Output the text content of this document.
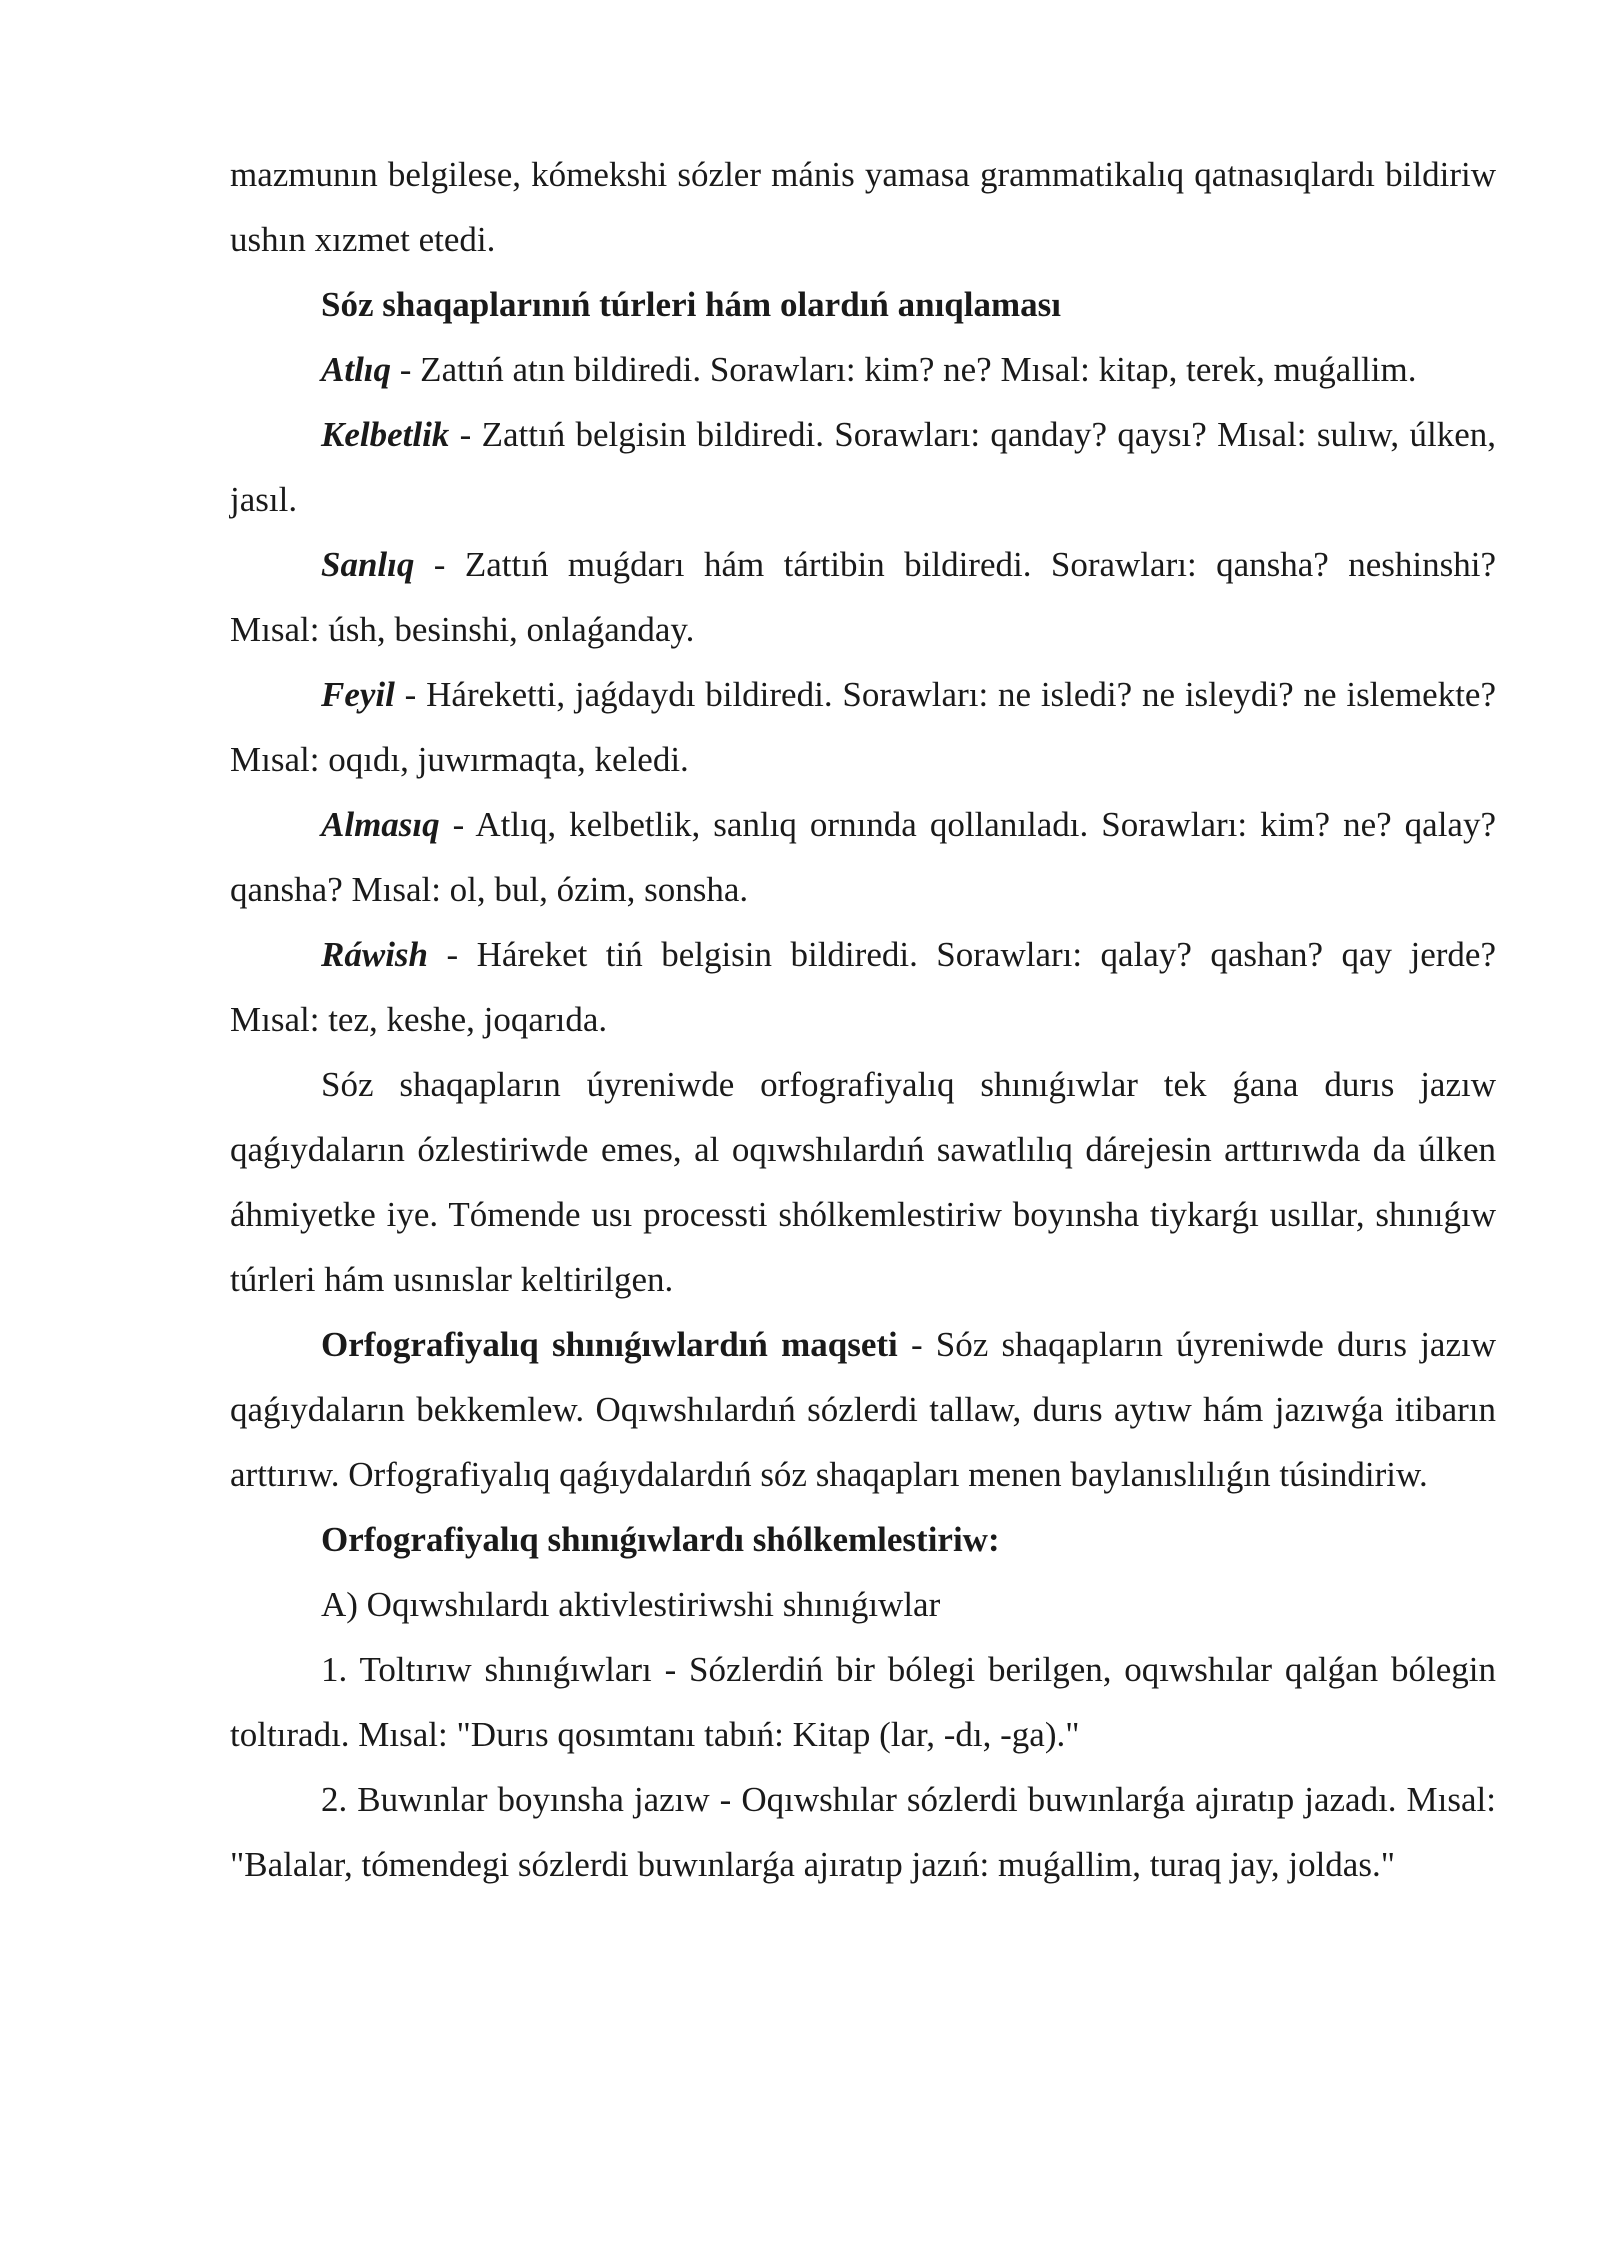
mazmunın belgilese, kómekshi sózler mánis yamasa grammatikalıq qatnasıqlardı bildiriw ushın xızmet etedi.

Sóz shaqaplarınıń túrleri hám olardıń anıqlaması

Atlıq - Zattıń atın bildiredi. Sorawları: kim? ne? Mısal: kitap, terek, muǵallim.

Kelbetlik - Zattıń belgisin bildiredi. Sorawları: qanday? qaysı? Mısal: sulıw, úlken, jasıl.

Sanlıq - Zattıń muǵdarı hám tártibin bildiredi. Sorawları: qansha? neshinshi? Mısal: úsh, besinshi, onlaǵanday.

Feyil - Háreketti, jaǵdaydı bildiredi. Sorawları: ne isledi? ne isleydi? ne islemekte? Mısal: oqıdı, juwırmaqta, keledi.

Almasıq - Atlıq, kelbetlik, sanlıq ornında qollanıladı. Sorawları: kim? ne? qalay? qansha? Mısal: ol, bul, ózim, sonsha.

Ráwish - Háreket tiń belgisin bildiredi. Sorawları: qalay? qashan? qay jerde? Mısal: tez, keshe, joqarıda.

Sóz shaqapların úyreniwde orfografiyalıq shınıǵıwlar tek ǵana durıs jazıw qaǵıydaların ózlestiriwde emes, al oqıwshılardıń sawatlılıq dárejesin arttırıwda da úlken áhmiyetke iye. Tómende usı processti shólkemlestiriw boyınsha tiykarǵı usıllar, shınıǵıw túrleri hám usınıslar keltirilgen.

Orfografiyalıq shınıǵıwlardıń maqseti - Sóz shaqapların úyreniwde durıs jazıw qaǵıydaların bekkemlew. Oqıwshılardıń sózlerdi tallaw, durıs aytıw hám jazıwǵa itibarın arttırıw. Orfografiyalıq qaǵıydalardıń sóz shaqapları menen baylanıslılıǵın túsindiriw.

Orfografiyalıq shınıǵıwlardı shólkemlestiriw:

A) Oqıwshılardı aktivlestiriwshi shınıǵıwlar

1. Toltırıw shınıǵıwları - Sózlerdiń bir bólegi berilgen, oqıwshılar qalǵan bólegin toltıradı. Mısal: "Durıs qosımtanı tabıń: Kitap (lar, -dı, -ga)."

2. Buwınlar boyınsha jazıw - Oqıwshılar sózlerdi buwınlarǵa ajıratıp jazadı. Mısal: "Balalar, tómendegi sózlerdi buwınlarǵa ajıratıp jazıń: muǵallim, turaq jay, joldas."
